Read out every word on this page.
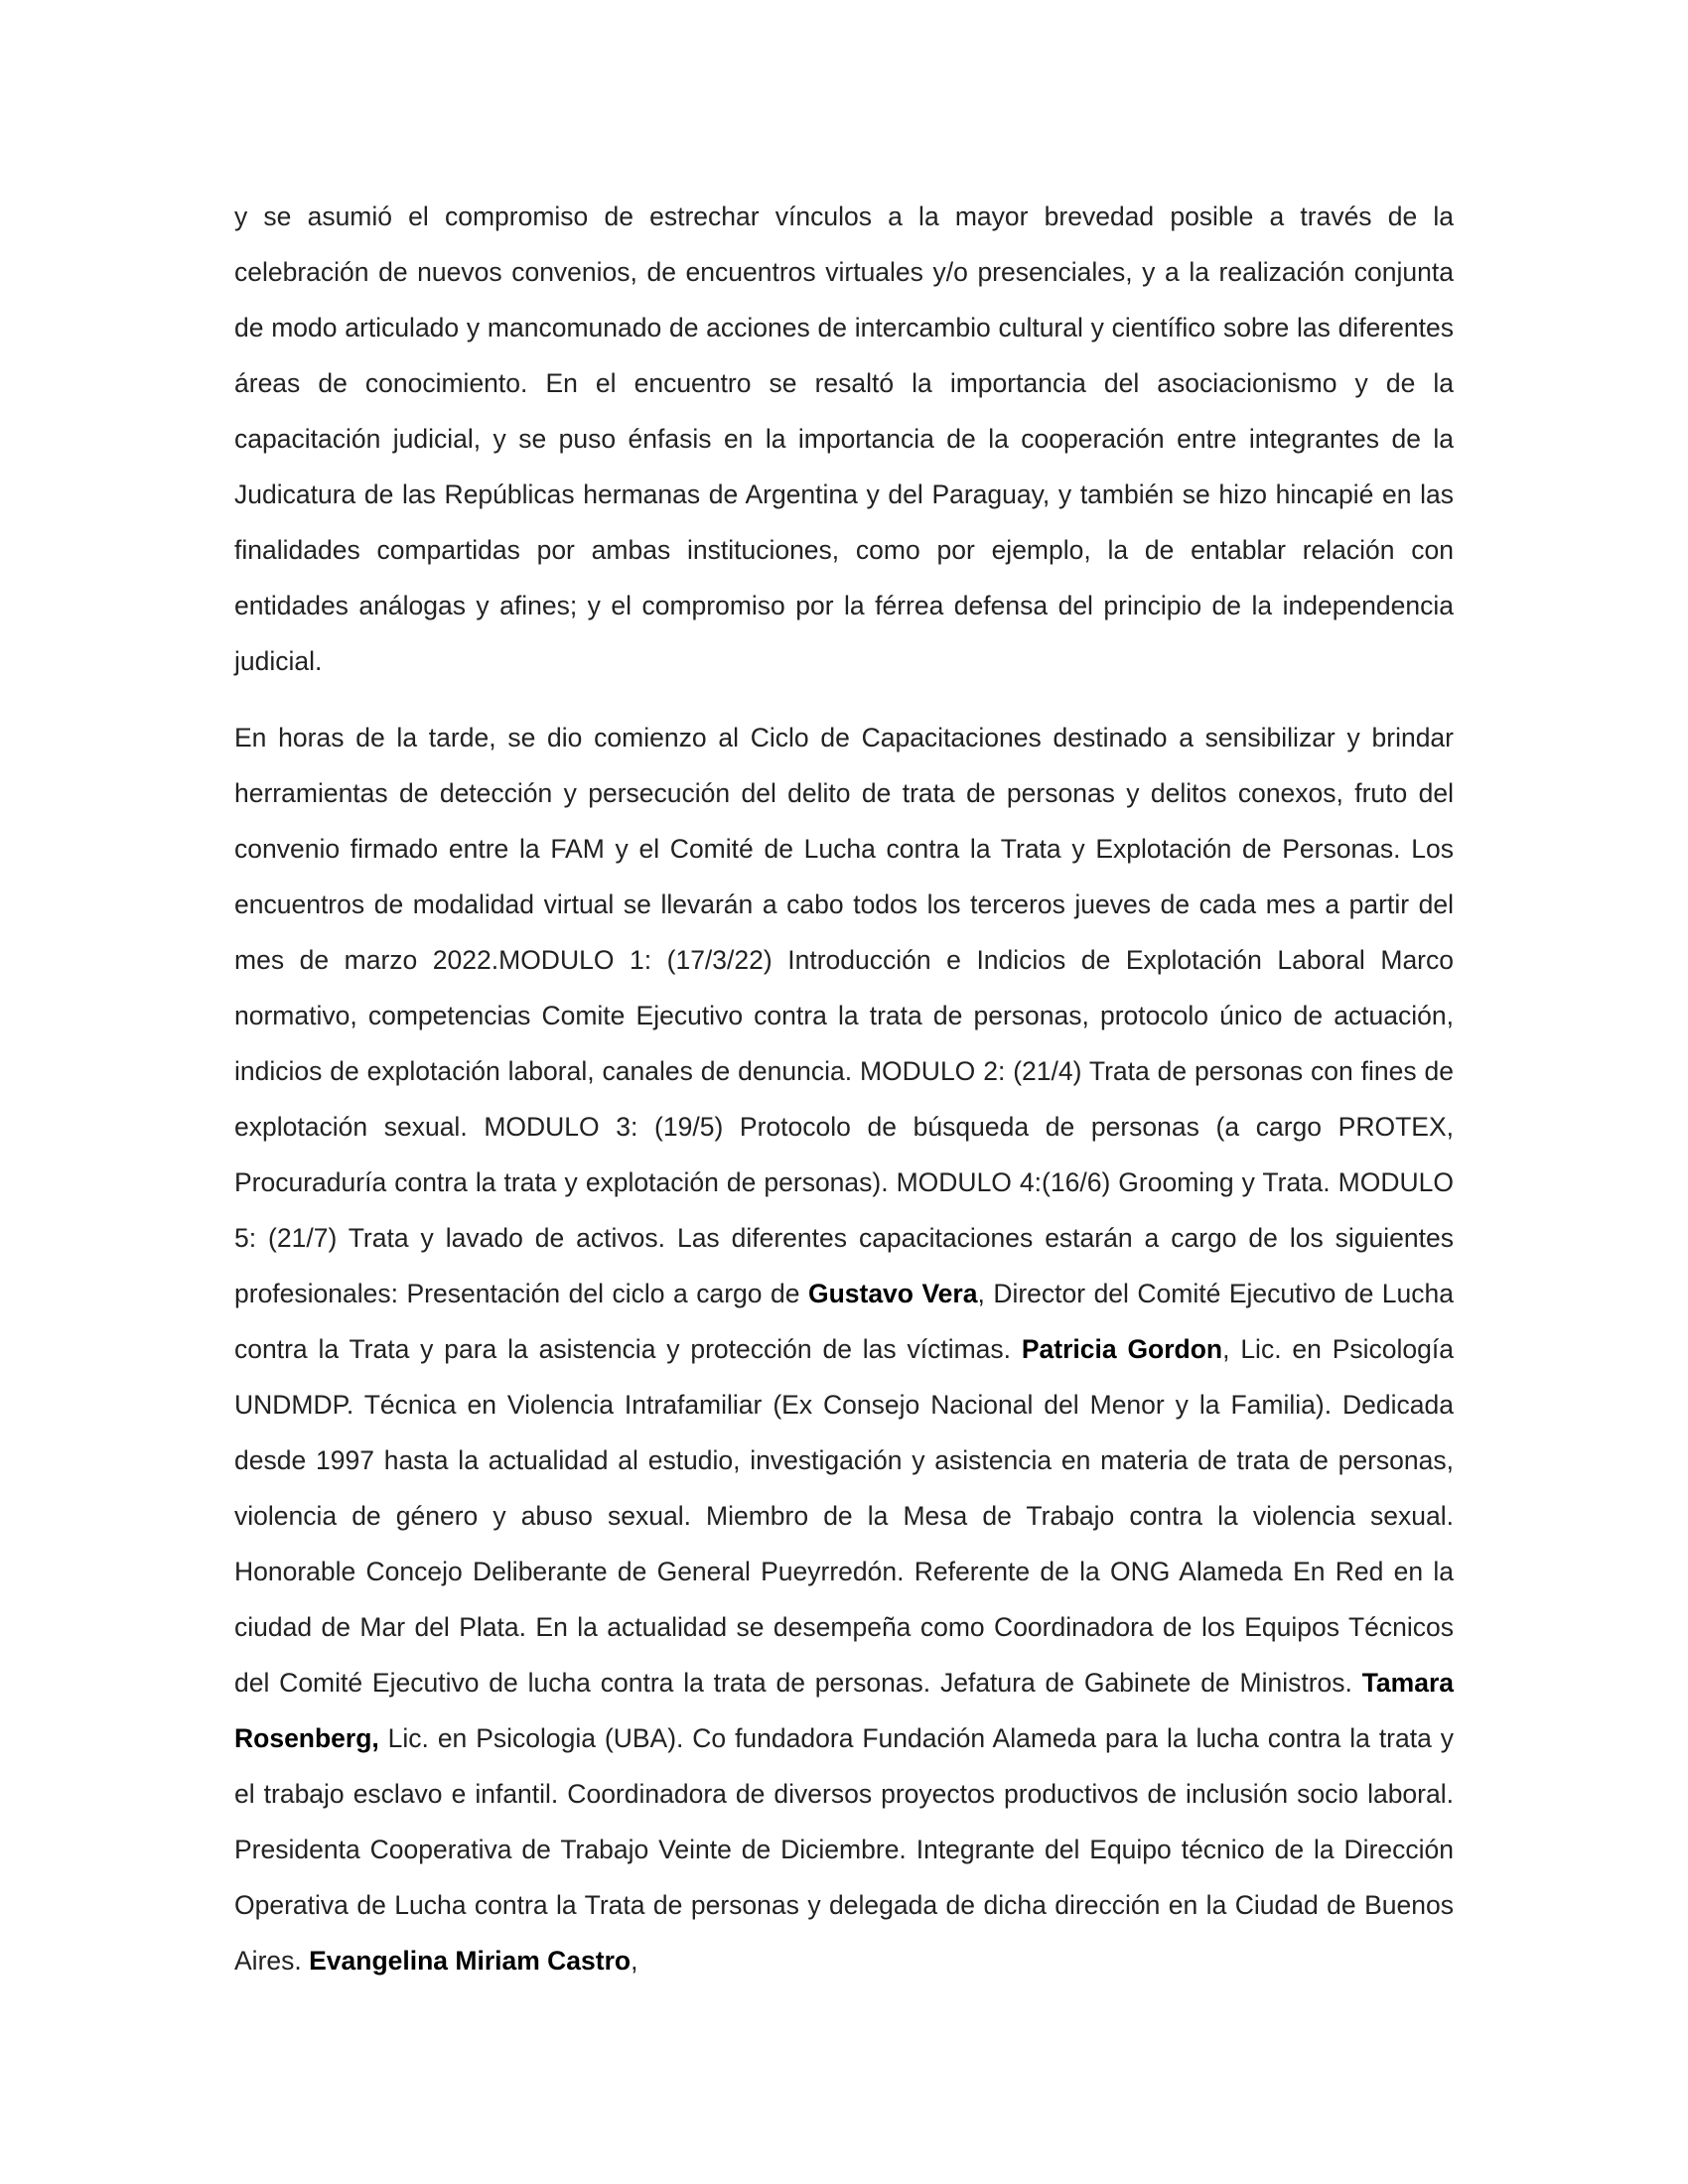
y se asumió el compromiso de estrechar vínculos a la mayor brevedad posible a través de la celebración de nuevos convenios, de encuentros virtuales y/o presenciales, y a la realización conjunta de modo articulado y mancomunado de acciones de intercambio cultural y científico sobre las diferentes áreas de conocimiento. En el encuentro se resaltó la importancia del asociacionismo y de la capacitación judicial, y se puso énfasis en la importancia de la cooperación entre integrantes de la Judicatura de las Repúblicas hermanas de Argentina y del Paraguay, y también se hizo hincapié en las finalidades compartidas por ambas instituciones, como por ejemplo, la de entablar relación con entidades análogas y afines; y el compromiso por la férrea defensa del principio de la independencia judicial.

En horas de la tarde, se dio comienzo al Ciclo de Capacitaciones destinado a sensibilizar y brindar herramientas de detección y persecución del delito de trata de personas y delitos conexos, fruto del convenio firmado entre la FAM y el Comité de Lucha contra la Trata y Explotación de Personas. Los encuentros de modalidad virtual se llevarán a cabo todos los terceros jueves de cada mes a partir del mes de marzo 2022.MODULO 1: (17/3/22) Introducción e Indicios de Explotación Laboral Marco normativo, competencias Comite Ejecutivo contra la trata de personas, protocolo único de actuación, indicios de explotación laboral, canales de denuncia. MODULO 2: (21/4) Trata de personas con fines de explotación sexual. MODULO 3: (19/5) Protocolo de búsqueda de personas (a cargo PROTEX, Procuraduría contra la trata y explotación de personas). MODULO 4:(16/6) Grooming y Trata. MODULO 5: (21/7) Trata y lavado de activos. Las diferentes capacitaciones estarán a cargo de los siguientes profesionales: Presentación del ciclo a cargo de Gustavo Vera, Director del Comité Ejecutivo de Lucha contra la Trata y para la asistencia y protección de las víctimas. Patricia Gordon, Lic. en Psicología UNDMDP. Técnica en Violencia Intrafamiliar (Ex Consejo Nacional del Menor y la Familia). Dedicada desde 1997 hasta la actualidad al estudio, investigación y asistencia en materia de trata de personas, violencia de género y abuso sexual. Miembro de la Mesa de Trabajo contra la violencia sexual. Honorable Concejo Deliberante de General Pueyrredón. Referente de la ONG Alameda En Red en la ciudad de Mar del Plata. En la actualidad se desempeña como Coordinadora de los Equipos Técnicos del Comité Ejecutivo de lucha contra la trata de personas. Jefatura de Gabinete de Ministros. Tamara Rosenberg, Lic. en Psicologia (UBA). Co fundadora Fundación Alameda para la lucha contra la trata y el trabajo esclavo e infantil. Coordinadora de diversos proyectos productivos de inclusión socio laboral. Presidenta Cooperativa de Trabajo Veinte de Diciembre. Integrante del Equipo técnico de la Dirección Operativa de Lucha contra la Trata de personas y delegada de dicha dirección en la Ciudad de Buenos Aires. Evangelina Miriam Castro,
